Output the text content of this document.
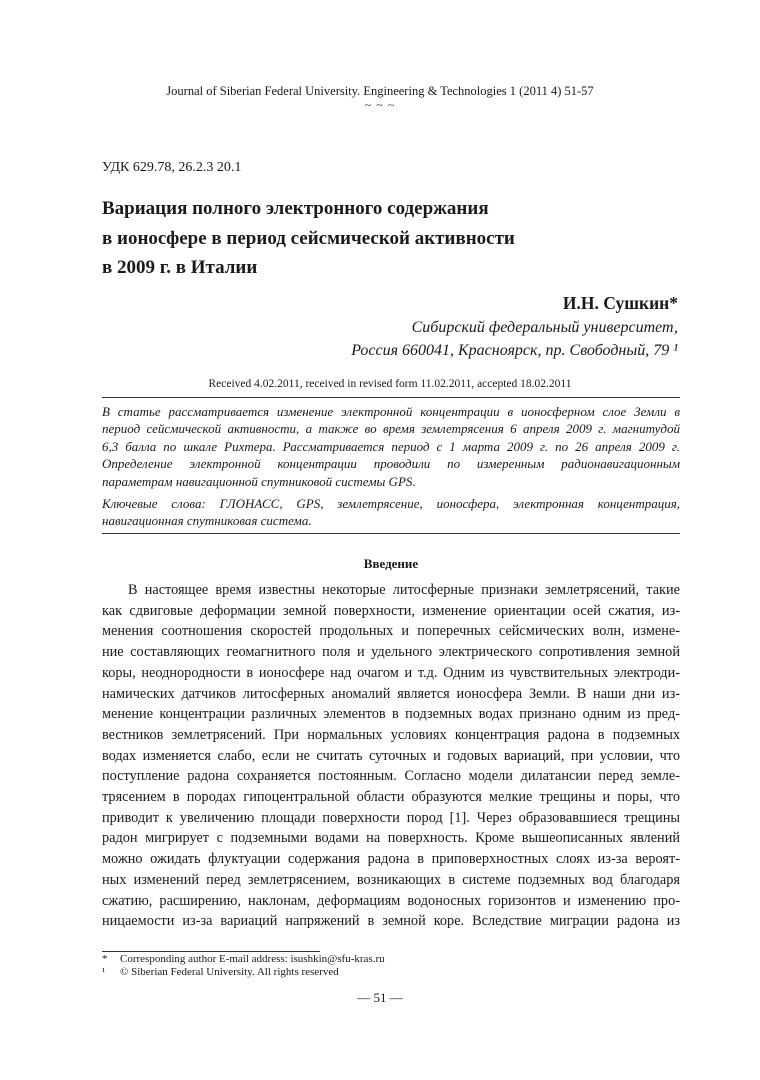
Journal of Siberian Federal University. Engineering & Technologies 1 (2011 4) 51-57
~ ~ ~
УДК 629.78, 26.2.3 20.1
Вариация полного электронного содержания
в ионосфере в период сейсмической активности
в 2009 г. в Италии
И.Н. Сушкин*
Сибирский федеральный университет,
Россия 660041, Красноярск, пр. Свободный, 79 ¹
Received 4.02.2011, received in revised form 11.02.2011, accepted 18.02.2011
В статье рассматривается изменение электронной концентрации в ионосферном слое Земли в
период сейсмической активности, а также во время землетрясения 6 апреля 2009 г. магнитудой
6,3 балла по шкале Рихтера. Рассматривается период с 1 марта 2009 г. по 26 апреля 2009 г.
Определение электронной концентрации проводили по измеренным радионавигационным
параметрам навигационной спутниковой системы GPS.
Ключевые слова: ГЛОНАСС, GPS, землетрясение, ионосфера, электронная концентрация,
навигационная спутниковая система.
Введение
В настоящее время известны некоторые литосферные признаки землетрясений, такие
как сдвиговые деформации земной поверхности, изменение ориентации осей сжатия, из-
менения соотношения скоростей продольных и поперечных сейсмических волн, измене-
ние составляющих геомагнитного поля и удельного электрического сопротивления земной
коры, неоднородности в ионосфере над очагом и т.д. Одним из чувствительных электроди-
намических датчиков литосферных аномалий является ионосфера Земли. В наши дни из-
менение концентрации различных элементов в подземных водах признано одним из пред-
вестников землетрясений. При нормальных условиях концентрация радона в подземных
водах изменяется слабо, если не считать суточных и годовых вариаций, при условии, что
поступление радона сохраняется постоянным. Согласно модели дилатансии перед земле-
трясением в породах гипоцентральной области образуются мелкие трещины и поры, что
приводит к увеличению площади поверхности пород [1]. Через образовавшиеся трещины
радон мигрирует с подземными водами на поверхность. Кроме вышеописанных явлений
можно ожидать флуктуации содержания радона в приповерхностных слоях из-за вероят-
ных изменений перед землетрясением, возникающих в системе подземных вод благодаря
сжатию, расширению, наклонам, деформациям водоносных горизонтов и изменению про-
ницаемости из-за вариаций напряжений в земной коре. Вследствие миграции радона из
* Corresponding author E-mail address: isushkin@sfu-kras.ru
¹ © Siberian Federal University. All rights reserved
— 51 —
